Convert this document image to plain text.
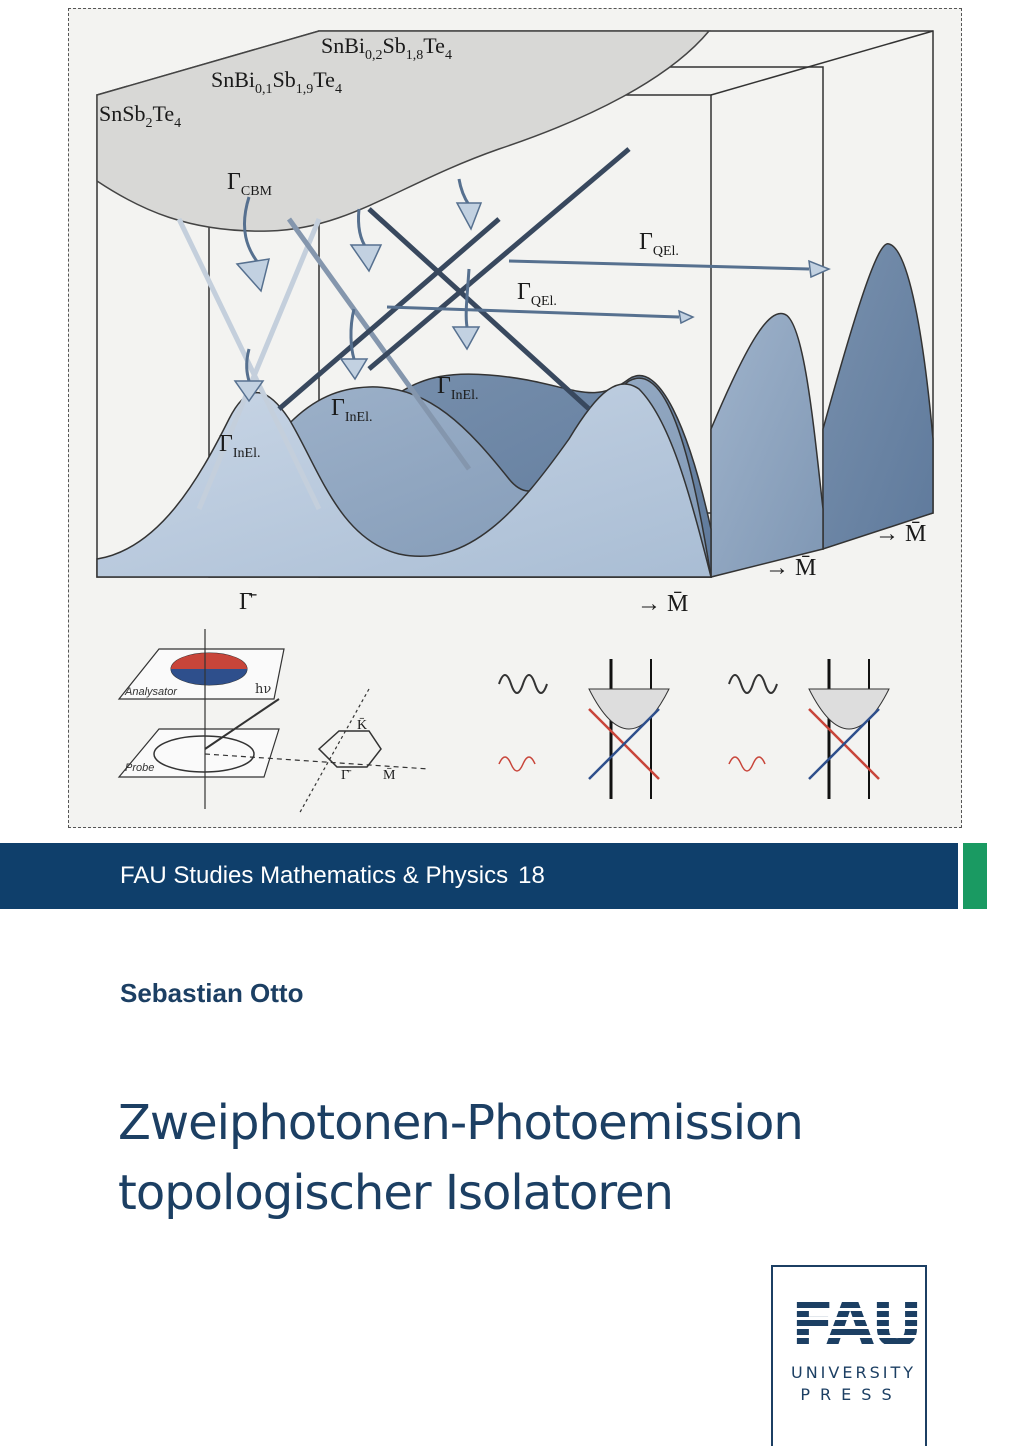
$SnBi_{0,2}Sb_{1,8}Te_4$
$SnBi_{0,1}Sb_{1,9}Te_4$
$SnSb_2Te_4$
$\Gamma_{CBM}$
$\Gamma_{QEl.}$
$\Gamma_{QEl.}$
$\Gamma_{InEl.}$
$\Gamma_{InEl.}$
$\Gamma_{InEl.}$
Γ̄	→ M̄
→ M̄
→ M̄
Analysator
Probe
hν
K̄
Γ̄ M̄
FAU Studies Mathematics & Physics 18
Sebastian Otto
Zweiphotonen-Photoemission
topologischer Isolatoren
FAU
UNIVERSITY
PRESS
